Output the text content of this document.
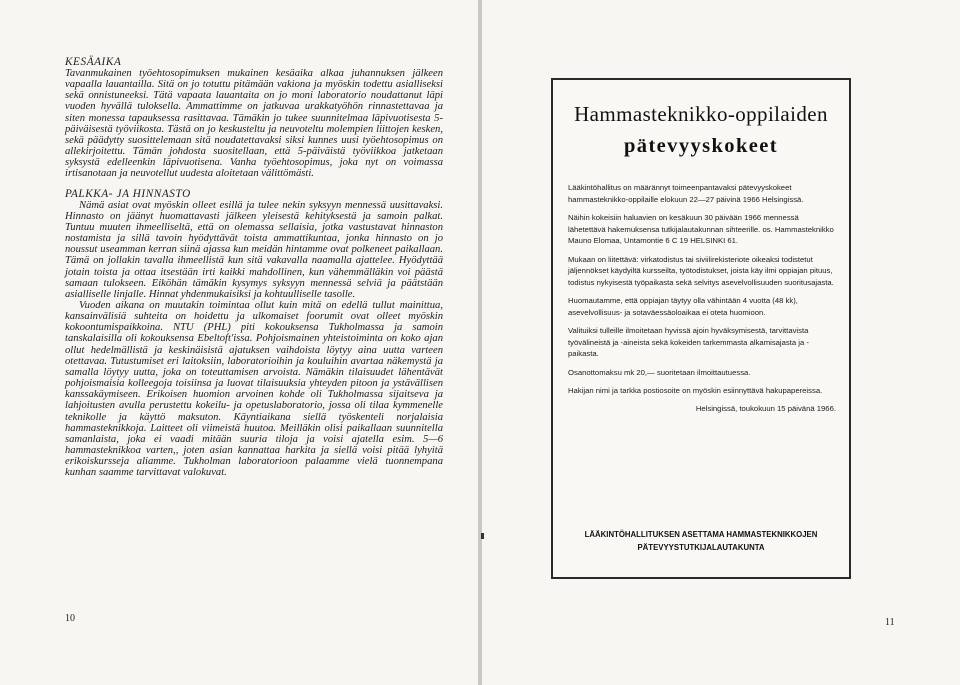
KESÄAIKA

Tavanmukainen työehtosopimuksen mukainen kesäaika alkaa juhannuksen jälkeen vapaalla lauantailla. Sitä on jo totuttu pitämään vakiona ja myöskin todettu asialliseksi sekä onnistuneeksi. Tätä vapaata lauantaita on jo moni laboratorio noudattanut läpi vuoden hyvällä tuloksella. Ammattimme on jatkuvaa urakkatyöhön rinnastettavaa ja siten monessa tapauksessa rasittavaa. Tämäkin jo tukee suunnitelmaa läpivuotisesta 5-päiväisestä työviikosta. Tästä on jo keskusteltu ja neuvoteltu molempien liittojen kesken, sekä päädytty suosittelemaan sitä noudatettavaksi siksi kunnes uusi työehtosopimus on allekirjoitettu. Tämän johdosta suositellaan, että 5-päiväistä työviikkoa jatketaan syksystä edelleenkin läpivuotisena. Vanha työehtosopimus, joka nyt on voimassa irtisanotaan ja neuvotellut uudesta aloitetaan välittömästi.

PALKKA- JA HINNASTO

Nämä asiat ovat myöskin olleet esillä ja tulee nekin syksyyn mennessä uusittavaksi. Hinnasto on jäänyt huomattavasti jälkeen yleisestä kehityksestä ja samoin palkat. Tuntuu muuten ihmeelliseltä, että on olemassa sellaisia, jotka vastustavat hinnaston nostamista ja sillä tavoin hyödyttävät toista ammattikuntaa, jonka hinnasto on jo noussut useamman kerran siinä ajassa kun meidän hintamme ovat polkeneet paikallaan. Tämä on jollakin tavalla ihmeellistä kun sitä vakavalla naamalla ajattelee. Hyödyttää jotain toista ja ottaa itsestään irti kaikki mahdollinen, kun vähemmälläkin voi päästä samaan tulokseen. Eiköhän tämäkin kysymys syksyyn mennessä selviä ja päätstään asialliselle linjalle. Hinnat yhdenmukaisiksi ja kohtuulliselle tasolle.

Vuoden aikana on muutakin toimintaa ollut kuin mitä on edellä tullut mainittua, kansainvälisiä suhteita on hoidettu ja ulkomaiset foorumit ovat olleet myöskin kokoontumispaikkoina. NTU (PHL) piti kokouksensa Tukholmassa ja samoin tanskalaisilla oli kokouksensa Ebeltoft'issa. Pohjoismainen yhteistoiminta on koko ajan ollut hedelmällistä ja keskinäisistä ajatuksen vaihdoista löytyy aina uutta varteen otettavaa. Tutustumiset eri laitoksiin, laboratorioihin ja kouluihin avartaa näkemystä ja samalla löytyy uutta, joka on toteuttamisen arvoista. Nämäkin tilaisuudet lähentävät pohjoismaisia kolleegoja toisiinsa ja luovat tilaisuuksia yhteyden pitoon ja ystävällisen kanssakäymiseen. Erikoisen huomion arvoinen kohde oli Tukholmassa sijaitseva ja lahjoitusten avulla perustettu kokeilu- ja opetuslaboratorio, jossa oli tilaa kymmenelle teknikolle ja käyttö maksuton. Käyntiaikana siellä työskenteli norjalaisia hammasteknikkoja. Laitteet oli viimeistä huutoa. Meilläkin olisi paikallaan suunnitella samanlaista, joka ei vaadi mitään suuria tiloja ja voisi ajatella esim. 5—6 hammasteknikkoa varten,, joten asian kannattaa harkita ja siellä voisi pitää lyhyitä erikoiskursseja aliamme. Tukholman laboratorioon palaamme vielä tuonnempana kunhan saamme tarvittavat valokuvat.

10	11
Hammasteknikko-oppilaiden
pätevyyskokeet

Lääkintöhallitus on määrännyt toimeenpantavaksi pätevyyskokeet hammasteknikko-oppilaille elokuun 22—27 päivinä 1966 Helsingissä.

Näihin kokeisiin haluavien on kesäkuun 30 päivään 1966 mennessä lähetettävä hakemuksensa tutkijalautakunnan sihteerille. os. Hammasteknikko Mauno Elomaa, Untamontie 6 C 19 HELSINKI 61.

Mukaan on liitettävä: virkatodistus tai siviilirekisteriote oikeaksi todistetut jäljennökset käydyiltä kursseilta, työtodistukset, joista käy ilmi oppiajan pituus, todistus nykyisestä työpaikasta sekä selvitys asevelvollisuuden suoritusajasta.

Huomautamme, että oppiajan täytyy olla vähintään 4 vuotta (48 kk), asevelvollisuus- ja sotaväessäoloaikaa ei oteta huomioon.

Valituiksi tulleille ilmoitetaan hyvissä ajoin hyväksymisestä, tarvittavista työvälineistä ja -aineista sekä kokeiden tarkemmasta alkamisajasta ja -paikasta.

Osanottomaksu mk 20,— suoritetaan ilmoittautuessa.

Hakijan nimi ja tarkka postiosoite on myöskin esiinnyttävä hakupapereissa.

Helsingissä, toukokuun 15 päivänä 1966.

LÄÄKINTÖHALLITUKSEN ASETTAMA HAMMASTEKNIKKOJEN
PÄTEVYYSTUTKIJALAUTAKUNTA
